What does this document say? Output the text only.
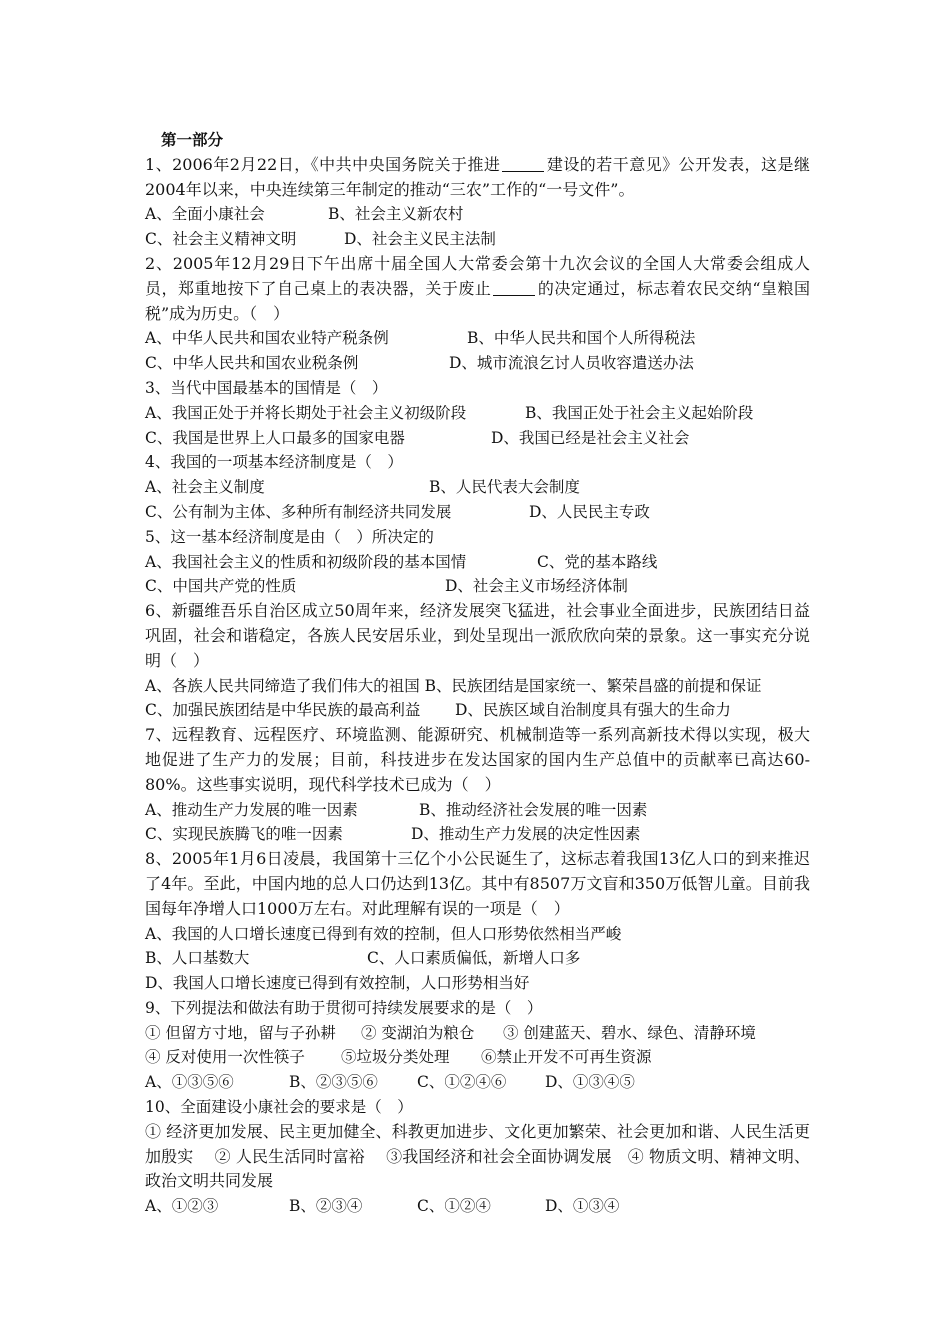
第一部分
1、2006年2月22日，《中共中央国务院关于推进	建设的若干意见》公开发表，这是继2004年以来，中央连续第三年制定的推动“三农”工作的“一号文件”。
A、全面小康社会	B、社会主义新农村
C、社会主义精神文明	D、社会主义民主法制
2、2005年12月29日下午出席十届全国人大常委会第十九次会议的全国人大常委会组成人员，郑重地按下了自己桌上的表决器，关于废止	的决定通过，标志着农民交纳“皇粮国税”成为历史。（　）
A、中华人民共和国农业特产税条例	B、中华人民共和国个人所得税法
C、中华人民共和国农业税条例	D、城市流浪乞讨人员收容遣送办法
3、当代中国最基本的国情是（　）
A、我国正处于并将长期处于社会主义初级阶段	B、我国正处于社会主义起始阶段
C、我国是世界上人口最多的国家电器	D、我国已经是社会主义社会
4、我国的一项基本经济制度是（　）
A、社会主义制度	B、人民代表大会制度
C、公有制为主体、多种所有制经济共同发展	D、人民民主专政
5、这一基本经济制度是由（　）所决定的
A、我国社会主义的性质和初级阶段的基本国情	C、党的基本路线
C、中国共产党的性质	D、社会主义市场经济体制
6、新疆维吾乐自治区成立50周年来，经济发展突飞猛进，社会事业全面进步，民族团结日益巩固，社会和谐稳定，各族人民安居乐业，到处呈现出一派欣欣向荣的景象。这一事实充分说明（　）
A、各族人民共同缔造了我们伟大的祖国 B、民族团结是国家统一、繁荣昌盛的前提和保证
C、加强民族团结是中华民族的最高利益	D、民族区域自治制度具有强大的生命力
7、远程教育、远程医疗、环境监测、能源研究、机械制造等一系列高新技术得以实现，极大地促进了生产力的发展；目前，科技进步在发达国家的国内生产总值中的贡献率已高达60-80%。这些事实说明，现代科学技术已成为（　）
A、推动生产力发展的唯一因素	B、推动经济社会发展的唯一因素
C、实现民族腾飞的唯一因素	D、推动生产力发展的决定性因素
8、2005年1月6日凌晨，我国第十三亿个小公民诞生了，这标志着我国13亿人口的到来推迟了4年。至此，中国内地的总人口仍达到13亿。其中有8507万文盲和350万低智儿童。目前我国每年净增人口1000万左右。对此理解有误的一项是（　）
A、我国的人口增长速度已得到有效的控制，但人口形势依然相当严峻
B、人口基数大	C、人口素质偏低，新增人口多
D、我国人口增长速度已得到有效控制，人口形势相当好
9、下列提法和做法有助于贯彻可持续发展要求的是（　）
① 但留方寸地，留与子孙耕	② 变湖泊为粮仓	③ 创建蓝天、碧水、绿色、清静环境
④ 反对使用一次性筷子	⑤垃圾分类处理	⑥禁止开发不可再生资源
A、①③⑤⑥	B、②③⑤⑥	C、①②④⑥	D、①③④⑤
10、全面建设小康社会的要求是（　）
① 经济更加发展、民主更加健全、科教更加进步、文化更加繁荣、社会更加和谐、人民生活更加殷实　 ② 人民生活同时富裕　 ③我国经济和社会全面协调发展　④ 物质文明、精神文明、政治文明共同发展
A、①②③	B、②③④	C、①②④	D、①③④
